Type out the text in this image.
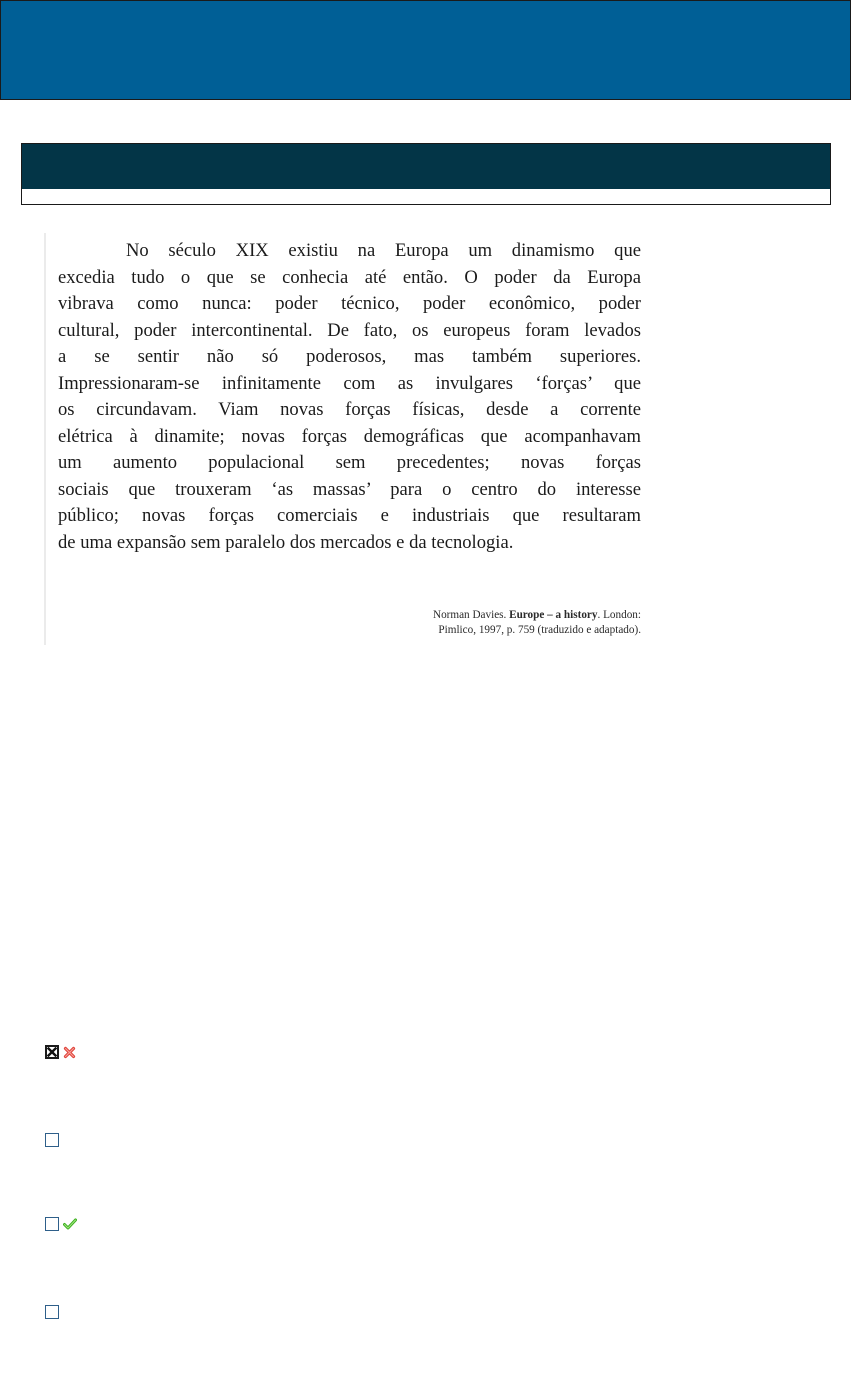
No século XIX existiu na Europa um dinamismo que
excedia tudo o que se conhecia até então. O poder da Europa
vibrava como nunca: poder técnico, poder econômico, poder
cultural, poder intercontinental. De fato, os europeus foram levados
a se sentir não só poderosos, mas também superiores.
Impressionaram-se infinitamente com as invulgares ‘forças’ que
os circundavam. Viam novas forças físicas, desde a corrente
elétrica à dinamite; novas forças demográficas que acompanhavam
um aumento populacional sem precedentes; novas forças
sociais que trouxeram ‘as massas’ para o centro do interesse
público; novas forças comerciais e industriais que resultaram
de uma expansão sem paralelo dos mercados e da tecnologia.

Norman Davies. Europe – a history. London:
Pimlico, 1997, p. 759 (traduzido e adaptado).
